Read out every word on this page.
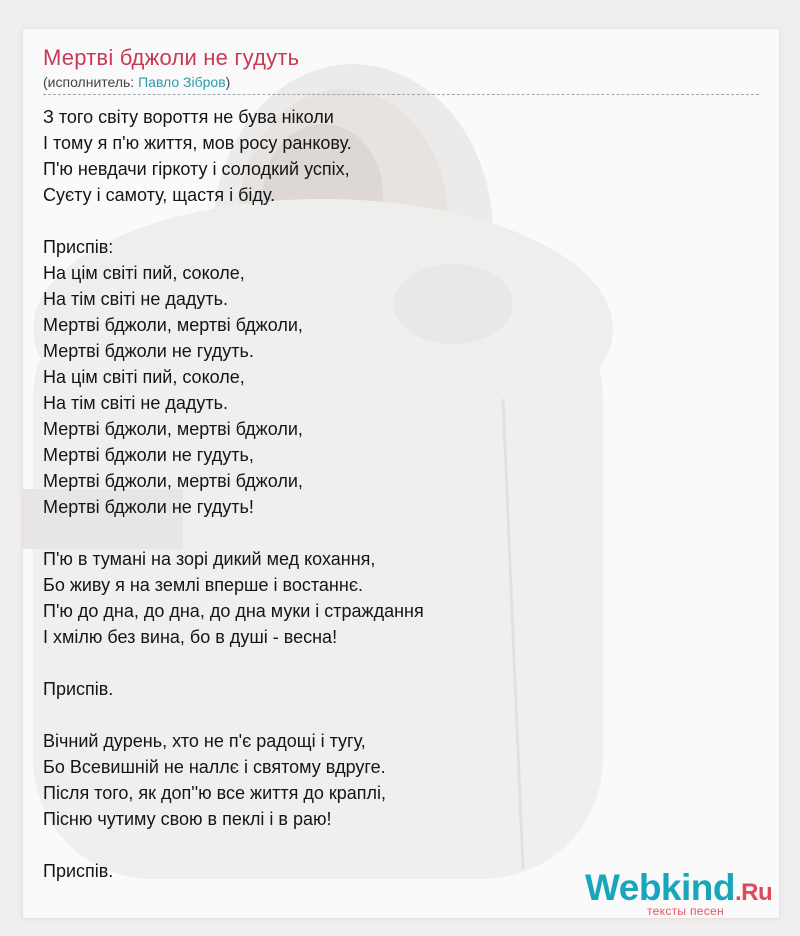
Мертві бджоли не гудуть
(исполнитель: Павло Зібров)
З того світу вороття не бува ніколи
І тому я п'ю життя, мов росу ранкову.
П'ю невдачи гіркоту і солодкий успіх,
Суєту і самоту, щастя і біду.
Приспів:
На цім світі пий, соколе,
На тім світі не дадуть.
Мертві бджоли, мертві бджоли,
Мертві бджоли не гудуть.
На цім світі пий, соколе,
На тім світі не дадуть.
Мертві бджоли, мертві бджоли,
Мертві бджоли не гудуть,
Мертві бджоли, мертві бджоли,
Мертві бджоли не гудуть!
П'ю в тумані на зорі дикий мед кохання,
Бо живу я на землі вперше і востаннє.
П'ю до дна, до дна, до дна муки і страждання
І хмілю без вина, бо в душі - весна!
Приспів.
Вічний дурень, хто не п'є радощі і тугу,
Бо Всевишній не наллє і святому вдруге.
Після того, як доп''ю все життя до краплі,
Пісню чутиму свою в пеклі і в раю!
Приспів.	Webkind.Ru
тексты песен
